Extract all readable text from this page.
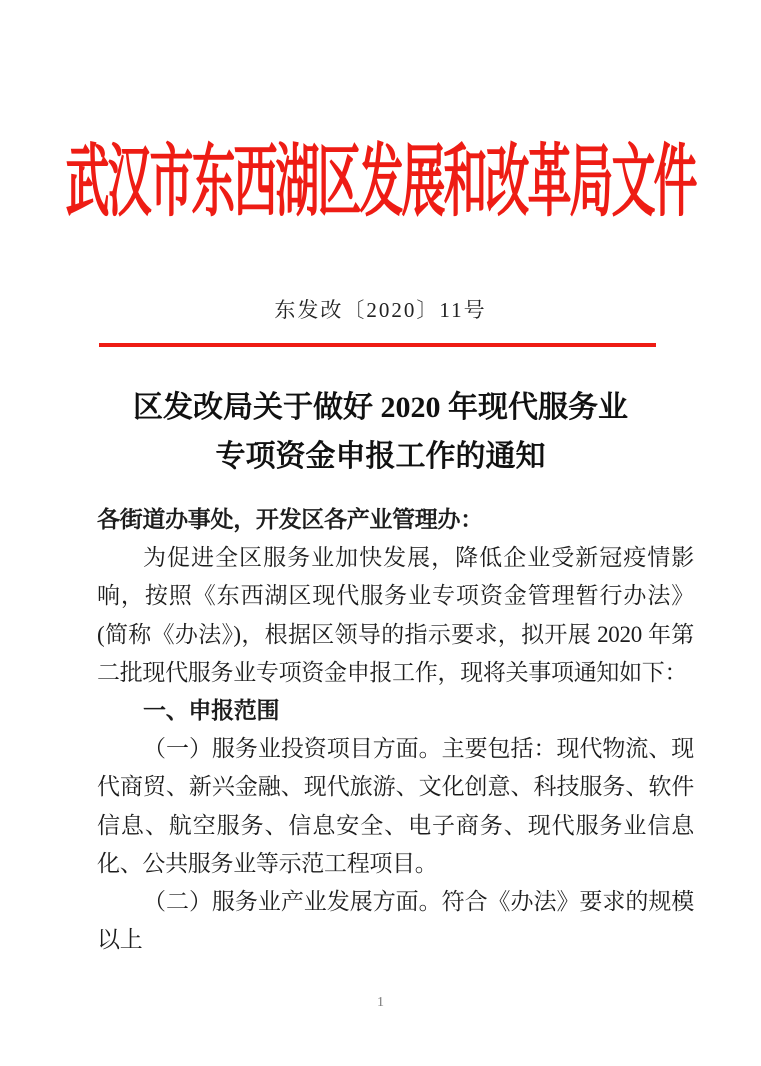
武汉市东西湖区发展和改革局文件
东发改〔2020〕11号
区发改局关于做好 2020 年现代服务业
专项资金申报工作的通知

各街道办事处，开发区各产业管理办：

为促进全区服务业加快发展，降低企业受新冠疫情影响，按照《东西湖区现代服务业专项资金管理暂行办法》(简称《办法》)，根据区领导的指示要求，拟开展 2020 年第二批现代服务业专项资金申报工作，现将关事项通知如下：

一、申报范围

（一）服务业投资项目方面。主要包括：现代物流、现代商贸、新兴金融、现代旅游、文化创意、科技服务、软件信息、航空服务、信息安全、电子商务、现代服务业信息化、公共服务业等示范工程项目。

（二）服务业产业发展方面。符合《办法》要求的规模以上

1
